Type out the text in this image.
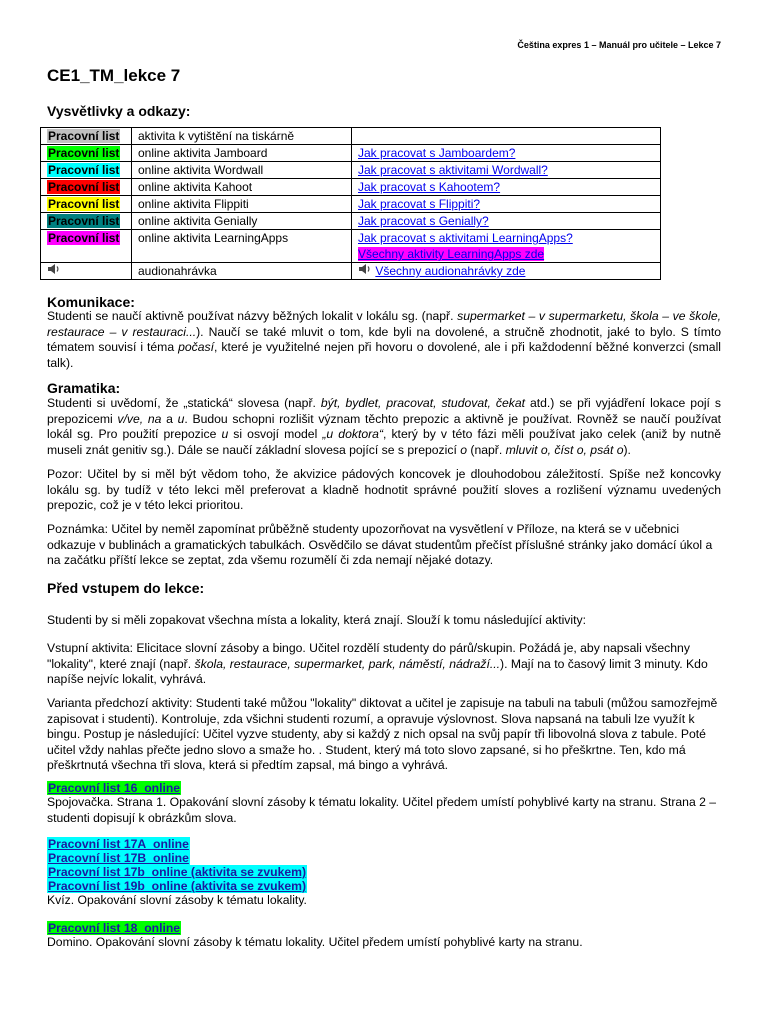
Čeština expres 1 – Manuál pro učitele – Lekce 7
CE1_TM_lekce 7
Vysvětlivky a odkazy:
Pracovní list	aktivita k vytištění na tiskárně	
Pracovní list	online aktivita Jamboard	Jak pracovat s Jamboardem?

Pracovní list	online aktivita Wordwall	Jak pracovat s aktivitami Wordwall?

Pracovní list	online aktivita Kahoot	Jak pracovat s Kahootem?

Pracovní list	online aktivita Flippiti	Jak pracovat s Flippiti?

Pracovní list	online aktivita Genially	Jak pracovat s Genially?

Pracovní list	online aktivita LearningApps	Jak pracovat s aktivitami LearningApps?
Všechny aktivity LearningApps zde

	audionahrávka	Všechny audionahrávky zde
Komunikace:

Studenti se naučí aktivně používat názvy běžných lokalit v lokálu sg. (např. supermarket – v supermarketu, škola – ve škole, restaurace – v restauraci...). Naučí se také mluvit o tom, kde byli na dovolené, a stručně zhodnotit, jaké to bylo. S tímto tématem souvisí i téma počasí, které je využitelné nejen při hovoru o dovolené, ale i při každodenní běžné konverzci (small talk).

Gramatika:

Studenti si uvědomí, že „statická“ slovesa (např. být, bydlet, pracovat, studovat, čekat atd.) se při vyjádření lokace pojí s prepozicemi v/ve, na a u. Budou schopni rozlišit význam těchto prepozic a aktivně je používat. Rovněž se naučí používat lokál sg. Pro použití prepozice u si osvojí model „u doktora“, který by v této fázi měli používat jako celek (aniž by nutně museli znát genitiv sg.). Dále se naučí základní slovesa pojící se s prepozicí o (např. mluvit o, číst o, psát o).

Pozor: Učitel by si měl být vědom toho, že akvizice pádových koncovek je dlouhodobou záležitostí. Spíše než koncovky lokálu sg. by tudíž v této lekci měl preferovat a kladně hodnotit správné použití sloves a rozlišení významu uvedených prepozic, což je v této lekci prioritou.

Poznámka: Učitel by neměl zapomínat průběžně studenty upozorňovat na vysvětlení v Příloze, na která se v učebnici odkazuje v bublinách a gramatických tabulkách. Osvědčilo se dávat studentům přečíst příslušné stránky jako domácí úkol a na začátku příští lekce se zeptat, zda všemu rozumělí či zda nemají nějaké dotazy.

Před vstupem do lekce:

Studenti by si měli zopakovat všechna místa a lokality, která znají. Slouží k tomu následující aktivity:

Vstupní aktivita: Elicitace slovní zásoby a bingo. Učitel rozdělí studenty do párů/skupin. Požádá je, aby napsali všechny "lokality", které znají (např. škola, restaurace, supermarket, park, náměstí, nádraží...). Mají na to časový limit 3 minuty. Kdo napíše nejvíc lokalit, vyhrává.

Varianta předchozí aktivity: Studenti také můžou "lokality" diktovat a učitel je zapisuje na tabuli na tabuli (můžou samozřejmě zapisovat i studenti). Kontroluje, zda všichni studenti rozumí, a opravuje výslovnost. Slova napsaná na tabuli lze využít k bingu. Postup je následující: Učitel vyzve studenty, aby si každý z nich opsal na svůj papír tři libovolná slova z tabule. Poté učitel vždy nahlas přečte jedno slovo a smaže ho. . Student, který má toto slovo zapsané, si ho přeškrtne. Ten, kdo má přeškrtnutá všechna tři slova, která si předtím zapsal, má bingo a vyhrává.

Pracovní list 16_online

Spojovačka. Strana 1. Opakování slovní zásoby k tématu lokality. Učitel předem umístí pohyblivé karty na stranu. Strana 2 – studenti dopisují k obrázkům slova.

Pracovní list 17A_online
Pracovní list 17B_online
Pracovní list 17b_online (aktivita se zvukem)
Pracovní list 19b_online (aktivita se zvukem)

Kvíz. Opakování slovní zásoby k tématu lokality.

Pracovní list 18_online

Domino. Opakování slovní zásoby k tématu lokality. Učitel předem umístí pohyblivé karty na stranu.
